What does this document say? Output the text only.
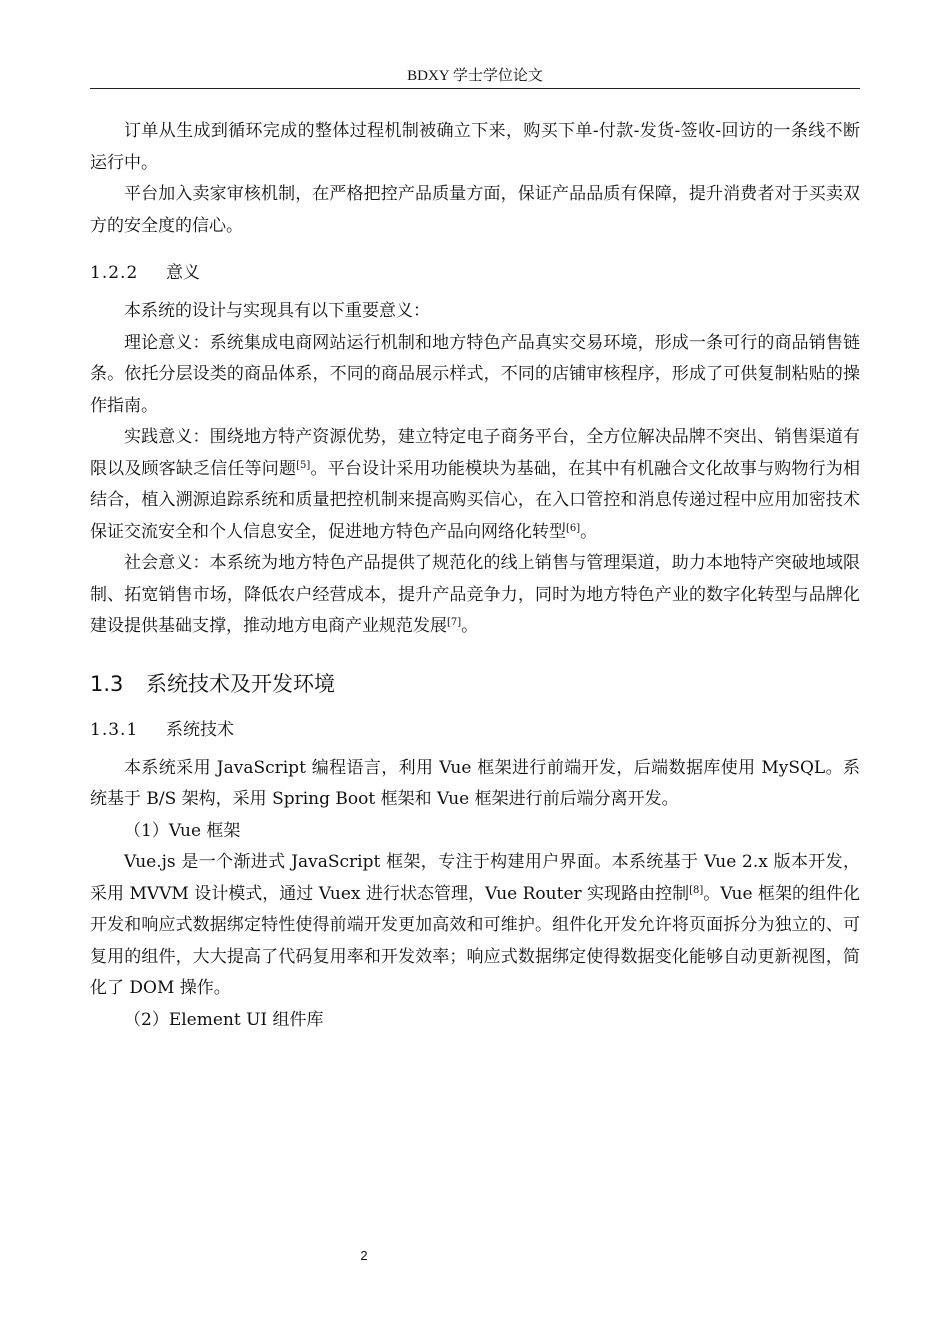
BDXY 学士学位论文

订单从生成到循环完成的整体过程机制被确立下来，购买下单-付款-发货-签收-回访的一条线不断运行中。

平台加入卖家审核机制，在严格把控产品质量方面，保证产品品质有保障，提升消费者对于买卖双方的安全度的信心。

1.2.2 意义

本系统的设计与实现具有以下重要意义：

理论意义：系统集成电商网站运行机制和地方特色产品真实交易环境，形成一条可行的商品销售链条。依托分层设类的商品体系，不同的商品展示样式，不同的店铺审核程序，形成了可供复制粘贴的操作指南。

实践意义：围绕地方特产资源优势，建立特定电子商务平台，全方位解决品牌不突出、销售渠道有限以及顾客缺乏信任等问题[5]。平台设计采用功能模块为基础，在其中有机融合文化故事与购物行为相结合，植入溯源追踪系统和质量把控机制来提高购买信心，在入口管控和消息传递过程中应用加密技术保证交流安全和个人信息安全，促进地方特色产品向网络化转型[6]。

社会意义：本系统为地方特色产品提供了规范化的线上销售与管理渠道，助力本地特产突破地域限制、拓宽销售市场，降低农户经营成本，提升产品竞争力，同时为地方特色产业的数字化转型与品牌化建设提供基础支撑，推动地方电商产业规范发展[7]。

1.3 系统技术及开发环境
1.3.1 系统技术

本系统采用 JavaScript 编程语言，利用 Vue 框架进行前端开发，后端数据库使用 MySQL。系统基于 B/S 架构，采用 Spring Boot 框架和 Vue 框架进行前后端分离开发。

（1）Vue 框架

Vue.js 是一个渐进式 JavaScript 框架，专注于构建用户界面。本系统基于 Vue 2.x 版本开发，采用 MVVM 设计模式，通过 Vuex 进行状态管理，Vue Router 实现路由控制[8]。Vue 框架的组件化开发和响应式数据绑定特性使得前端开发更加高效和可维护。组件化开发允许将页面拆分为独立的、可复用的组件，大大提高了代码复用率和开发效率；响应式数据绑定使得数据变化能够自动更新视图，简化了 DOM 操作。

（2）Element UI 组件库

2
